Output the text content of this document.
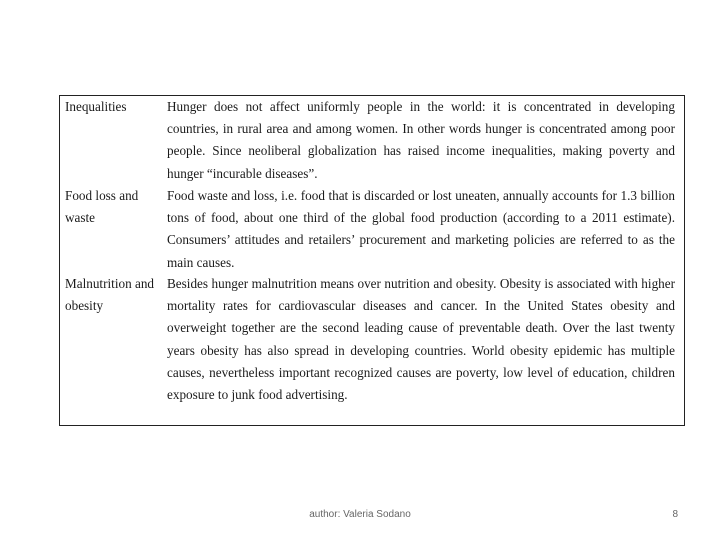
Inequalities	Hunger does not affect uniformly people in the world: it is concentrated in developing countries, in rural area and among women. In other words hunger is concentrated among poor people. Since neoliberal globalization has raised income inequalities, making poverty and hunger “incurable diseases”.
Food loss and waste
Food waste and loss, i.e. food that is discarded or lost uneaten, annually accounts for 1.3 billion tons of food, about one third of the global food production (according to a 2011 estimate). Consumers’ attitudes and retailers’ procurement and marketing policies are referred to as the main causes.
Malnutrition and obesity
Besides hunger malnutrition means over nutrition and obesity. Obesity is associated with higher mortality rates for cardiovascular diseases and cancer. In the United States obesity and overweight together are the second leading cause of preventable death. Over the last twenty years obesity has also spread in developing countries. World obesity epidemic has multiple causes, nevertheless important recognized causes are poverty, low level of education, children exposure to junk food advertising.
author: Valeria Sodano	8
